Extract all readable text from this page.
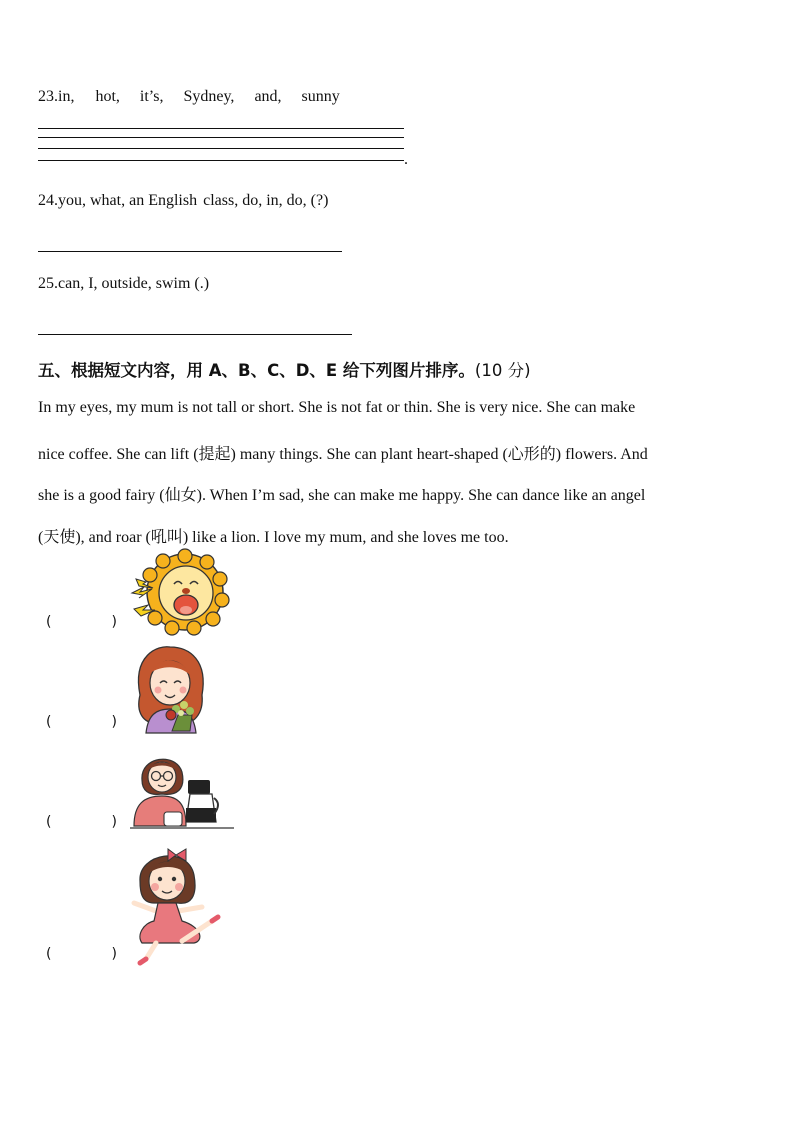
23.in, hot, it’s, Sydney, and, sunny
.
24.you, what, an English class, do, in, do, (?)
25.can, I, outside, swim (.)
五、根据短文内容，用 A、B、C、D、E 给下列图片排序。(10 分)
In my eyes, my mum is not tall or short. She is not fat or thin. She is very nice. She can make
nice coffee. She can lift (提起) many things. She can plant heart-shaped (心形的) flowers. And
she is a good fairy (仙女). When I’m sad, she can make me happy. She can dance like an angel
(天使), and roar (吼叫) like a lion. I love my mum, and she loves me too.
(	)
(	)
(	)
(	)
